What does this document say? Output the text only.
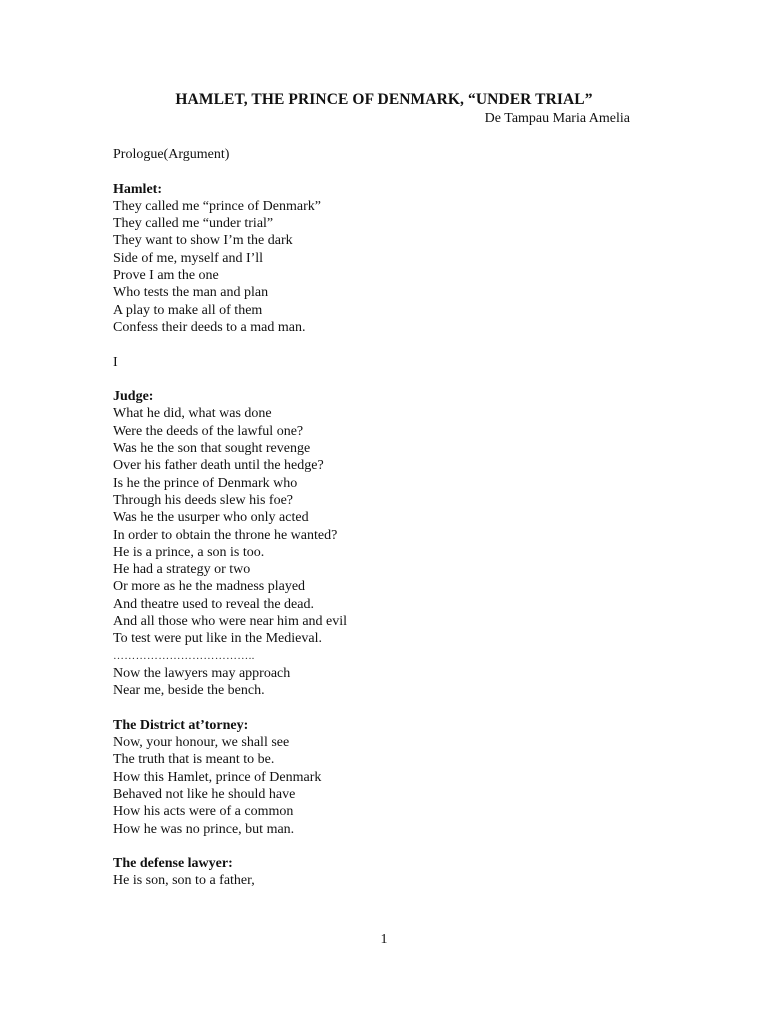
HAMLET, THE PRINCE OF DENMARK, “UNDER TRIAL”
De Tampau Maria Amelia
Prologue(Argument)
Hamlet:
They called me “prince of Denmark”
They called me “under trial”
They want to show I’m the dark
Side of me, myself and I’ll
Prove I am the one
Who tests the man and plan
A play to make all of them
Confess their deeds to a mad man.
I
Judge:
What he did, what was done
Were the deeds of the lawful one?
Was he the son that sought revenge
Over his father death until the hedge?
Is he the prince of Denmark who
Through his deeds slew his foe?
Was he the usurper who only acted
In order to obtain the throne he wanted?
He is a prince, a son is too.
He had a strategy or two
Or more as he the madness played
And theatre used to reveal the dead.
And all those who were near him and evil
To test were put like in the Medieval.
………………………………..
Now the lawyers may approach
Near me, beside the bench.
The District at’torney:
Now, your honour, we shall see
The truth that is meant to be.
How this Hamlet, prince of Denmark
Behaved not like he should have
How his acts were of a common
How he was no prince, but man.
The defense lawyer:
He is son, son to a father,
1
